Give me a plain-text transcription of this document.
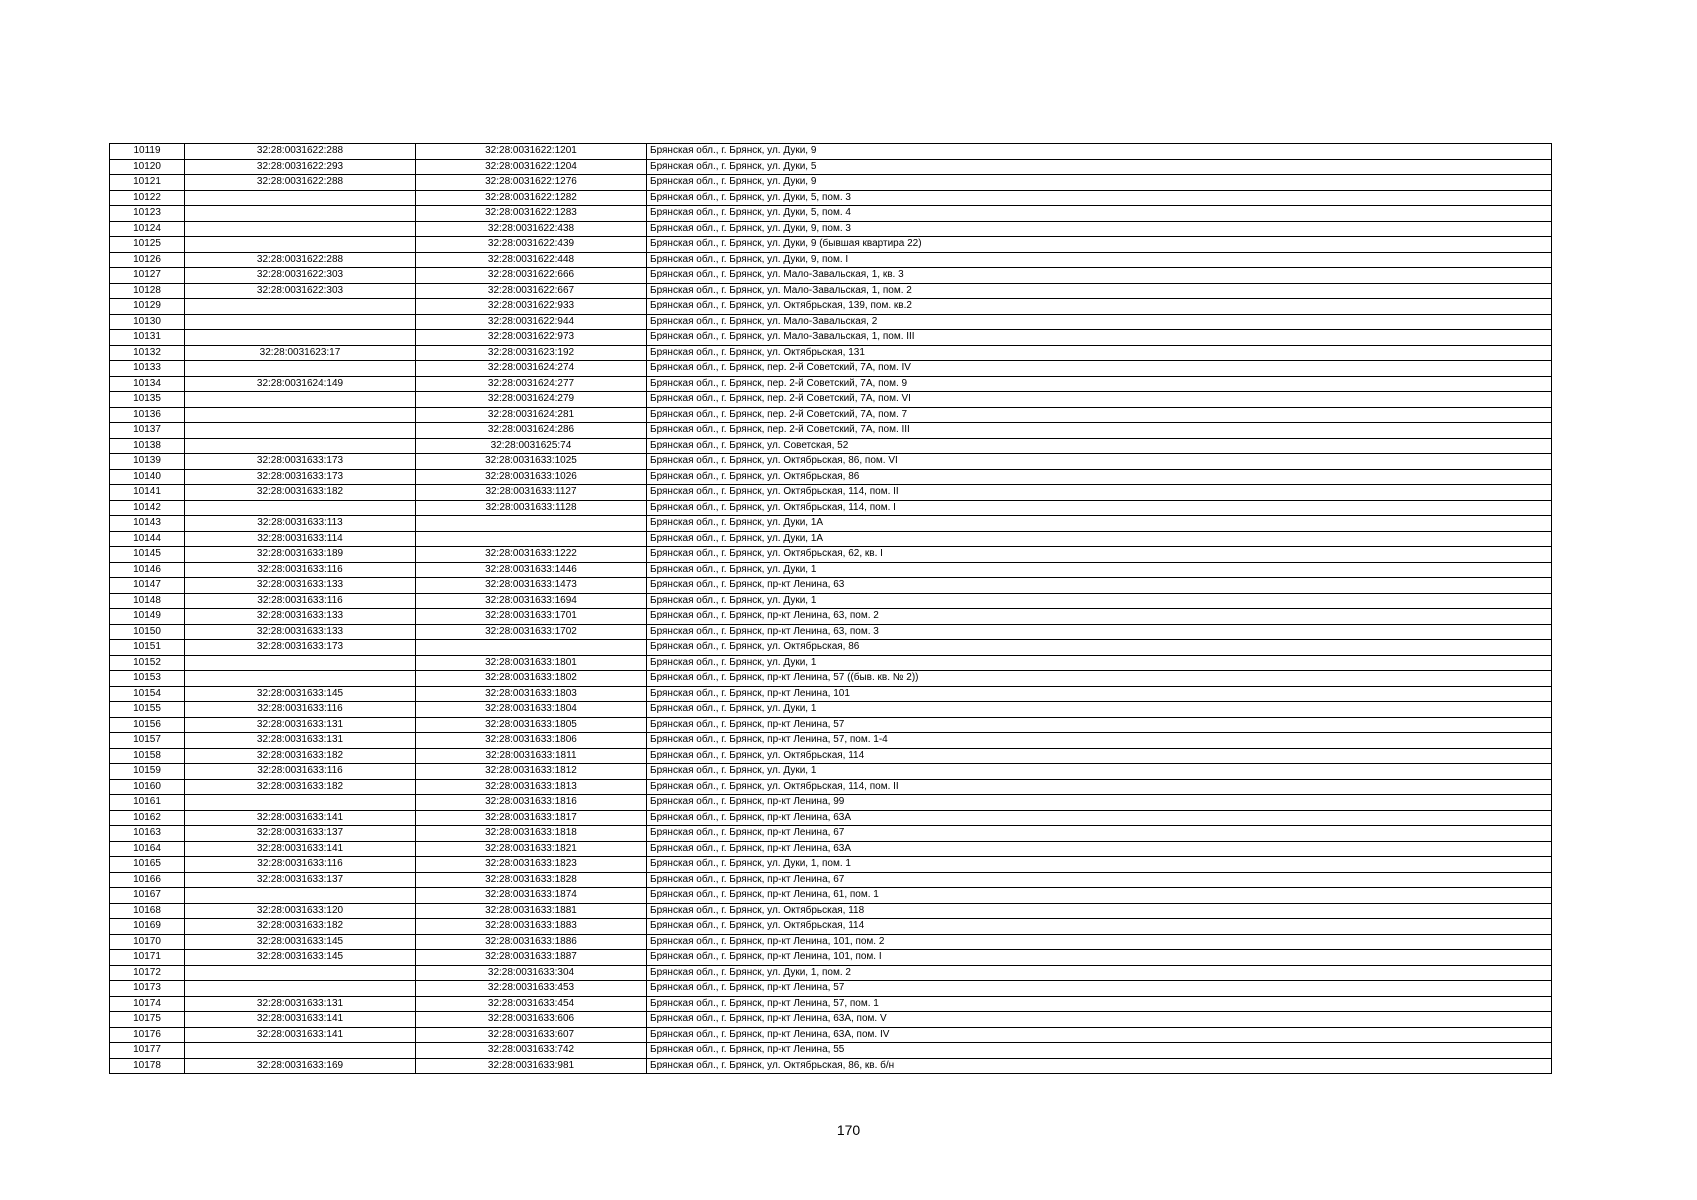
10119	32:28:0031622:288	32:28:0031622:1201	Брянская обл., г. Брянск, ул. Дуки, 9
10120	32:28:0031622:293	32:28:0031622:1204	Брянская обл., г. Брянск, ул. Дуки, 5
10121	32:28:0031622:288	32:28:0031622:1276	Брянская обл., г. Брянск, ул. Дуки, 9
10122		32:28:0031622:1282	Брянская обл., г. Брянск, ул. Дуки, 5, пом. 3
10123		32:28:0031622:1283	Брянская обл., г. Брянск, ул. Дуки, 5, пом. 4
10124		32:28:0031622:438	Брянская обл., г. Брянск, ул. Дуки, 9, пом. 3
10125		32:28:0031622:439	Брянская обл., г. Брянск, ул. Дуки, 9 (бывшая квартира 22)
10126	32:28:0031622:288	32:28:0031622:448	Брянская обл., г. Брянск, ул. Дуки, 9, пом. I
10127	32:28:0031622:303	32:28:0031622:666	Брянская обл., г. Брянск, ул. Мало-Завальская, 1, кв. 3
10128	32:28:0031622:303	32:28:0031622:667	Брянская обл., г. Брянск, ул. Мало-Завальская, 1, пом. 2
10129		32:28:0031622:933	Брянская обл., г. Брянск, ул. Октябрьская, 139, пом. кв.2
10130		32:28:0031622:944	Брянская обл., г. Брянск, ул. Мало-Завальская, 2
10131		32:28:0031622:973	Брянская обл., г. Брянск, ул. Мало-Завальская, 1, пом. III
10132	32:28:0031623:17	32:28:0031623:192	Брянская обл., г. Брянск, ул. Октябрьская, 131
10133		32:28:0031624:274	Брянская обл., г. Брянск, пер. 2-й Советский, 7А, пом. IV
10134	32:28:0031624:149	32:28:0031624:277	Брянская обл., г. Брянск, пер. 2-й Советский, 7А, пом. 9
10135		32:28:0031624:279	Брянская обл., г. Брянск, пер. 2-й Советский, 7А, пом. VI
10136		32:28:0031624:281	Брянская обл., г. Брянск, пер. 2-й Советский, 7А, пом. 7
10137		32:28:0031624:286	Брянская обл., г. Брянск, пер. 2-й Советский, 7А, пом. III
10138		32:28:0031625:74	Брянская обл., г. Брянск, ул. Советская, 52
10139	32:28:0031633:173	32:28:0031633:1025	Брянская обл., г. Брянск, ул. Октябрьская, 86, пом. VI
10140	32:28:0031633:173	32:28:0031633:1026	Брянская обл., г. Брянск, ул. Октябрьская, 86
10141	32:28:0031633:182	32:28:0031633:1127	Брянская обл., г. Брянск, ул. Октябрьская, 114, пом. II
10142		32:28:0031633:1128	Брянская обл., г. Брянск, ул. Октябрьская, 114, пом. I
10143	32:28:0031633:113		Брянская обл., г. Брянск, ул. Дуки, 1А
10144	32:28:0031633:114		Брянская обл., г. Брянск, ул. Дуки, 1А
10145	32:28:0031633:189	32:28:0031633:1222	Брянская обл., г. Брянск, ул. Октябрьская, 62, кв. I
10146	32:28:0031633:116	32:28:0031633:1446	Брянская обл., г. Брянск, ул. Дуки, 1
10147	32:28:0031633:133	32:28:0031633:1473	Брянская обл., г. Брянск, пр-кт Ленина, 63
10148	32:28:0031633:116	32:28:0031633:1694	Брянская обл., г. Брянск, ул. Дуки, 1
10149	32:28:0031633:133	32:28:0031633:1701	Брянская обл., г. Брянск, пр-кт Ленина, 63, пом. 2
10150	32:28:0031633:133	32:28:0031633:1702	Брянская обл., г. Брянск, пр-кт Ленина, 63, пом. 3
10151	32:28:0031633:173		Брянская обл., г. Брянск, ул. Октябрьская, 86
10152		32:28:0031633:1801	Брянская обл., г. Брянск, ул. Дуки, 1
10153		32:28:0031633:1802	Брянская обл., г. Брянск, пр-кт Ленина, 57 ((быв. кв. № 2))
10154	32:28:0031633:145	32:28:0031633:1803	Брянская обл., г. Брянск, пр-кт Ленина, 101
10155	32:28:0031633:116	32:28:0031633:1804	Брянская обл., г. Брянск, ул. Дуки, 1
10156	32:28:0031633:131	32:28:0031633:1805	Брянская обл., г. Брянск, пр-кт Ленина, 57
10157	32:28:0031633:131	32:28:0031633:1806	Брянская обл., г. Брянск, пр-кт Ленина, 57, пом. 1-4
10158	32:28:0031633:182	32:28:0031633:1811	Брянская обл., г. Брянск, ул. Октябрьская, 114
10159	32:28:0031633:116	32:28:0031633:1812	Брянская обл., г. Брянск, ул. Дуки, 1
10160	32:28:0031633:182	32:28:0031633:1813	Брянская обл., г. Брянск, ул. Октябрьская, 114, пом. II
10161		32:28:0031633:1816	Брянская обл., г. Брянск, пр-кт Ленина, 99
10162	32:28:0031633:141	32:28:0031633:1817	Брянская обл., г. Брянск, пр-кт Ленина, 63А
10163	32:28:0031633:137	32:28:0031633:1818	Брянская обл., г. Брянск, пр-кт Ленина, 67
10164	32:28:0031633:141	32:28:0031633:1821	Брянская обл., г. Брянск, пр-кт Ленина, 63А
10165	32:28:0031633:116	32:28:0031633:1823	Брянская обл., г. Брянск, ул. Дуки, 1, пом. 1
10166	32:28:0031633:137	32:28:0031633:1828	Брянская обл., г. Брянск, пр-кт Ленина, 67
10167		32:28:0031633:1874	Брянская обл., г. Брянск, пр-кт Ленина, 61, пом. 1
10168	32:28:0031633:120	32:28:0031633:1881	Брянская обл., г. Брянск, ул. Октябрьская, 118
10169	32:28:0031633:182	32:28:0031633:1883	Брянская обл., г. Брянск, ул. Октябрьская, 114
10170	32:28:0031633:145	32:28:0031633:1886	Брянская обл., г. Брянск, пр-кт Ленина, 101, пом. 2
10171	32:28:0031633:145	32:28:0031633:1887	Брянская обл., г. Брянск, пр-кт Ленина, 101, пом. I
10172		32:28:0031633:304	Брянская обл., г. Брянск, ул. Дуки, 1, пом. 2
10173		32:28:0031633:453	Брянская обл., г. Брянск, пр-кт Ленина, 57
10174	32:28:0031633:131	32:28:0031633:454	Брянская обл., г. Брянск, пр-кт Ленина, 57, пом. 1
10175	32:28:0031633:141	32:28:0031633:606	Брянская обл., г. Брянск, пр-кт Ленина, 63А, пом. V
10176	32:28:0031633:141	32:28:0031633:607	Брянская обл., г. Брянск, пр-кт Ленина, 63А, пом. IV
10177		32:28:0031633:742	Брянская обл., г. Брянск, пр-кт Ленина, 55
10178	32:28:0031633:169	32:28:0031633:981	Брянская обл., г. Брянск, ул. Октябрьская, 86, кв. б/н
170
